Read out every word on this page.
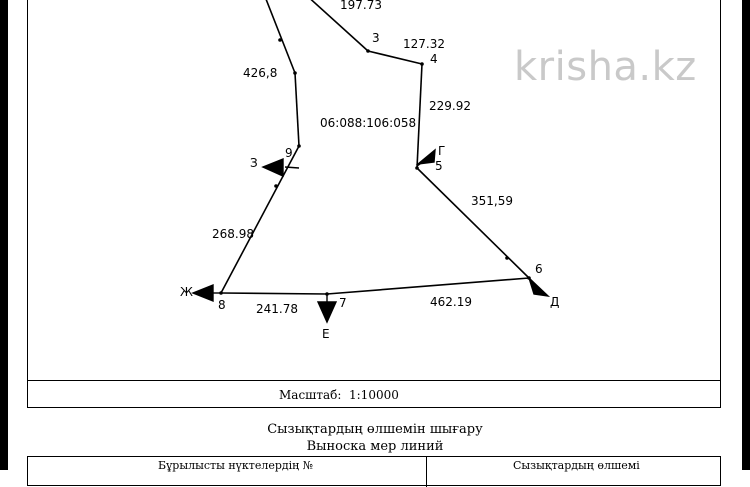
197.73
127.32
426,8
229.92
351,59
268.98
241.78	462.19
06:088:106:058
3
4
5
6
7
8
9	Г
З
Ж
Д
Е
krisha.kz
Масштаб: 1:10000
Сызықтардың өлшемін шығару
Выноска мер линий
Бұрылысты нүктелердің №	Сызықтардың өлшемі
